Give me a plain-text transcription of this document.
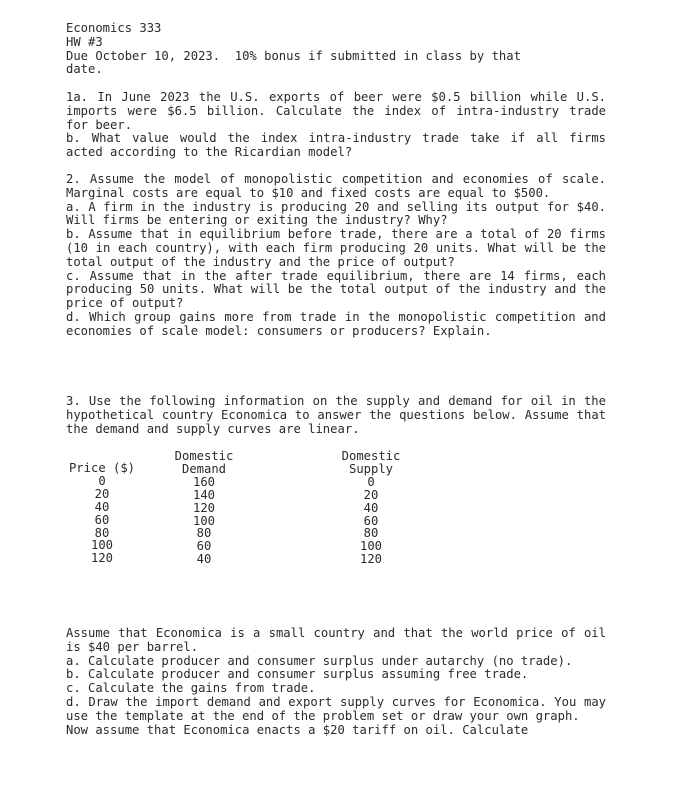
Economics 333
HW #3
Due October 10, 2023.  10% bonus if submitted in class by that
date.
1a. In June 2023 the U.S. exports of beer were $0.5 billion while U.S. imports were $6.5 billion. Calculate the index of intra-industry trade for beer.
b. What value would the index intra-industry trade take if all firms acted according to the Ricardian model?
2. Assume the model of monopolistic competition and economies of scale. Marginal costs are equal to $10 and fixed costs are equal to $500.
a. A firm in the industry is producing 20 and selling its output for $40. Will firms be entering or exiting the industry? Why?
b. Assume that in equilibrium before trade, there are a total of 20 firms (10 in each country), with each firm producing 20 units. What will be the total output of the industry and the price of output?
c. Assume that in the after trade equilibrium, there are 14 firms, each producing 50 units. What will be the total output of the industry and the price of output?
d. Which group gains more from trade in the monopolistic competition and economies of scale model: consumers or producers? Explain.
3. Use the following information on the supply and demand for oil in the hypothetical country Economica to answer the questions below. Assume that the demand and supply curves are linear.
Price ($)
0
20
40
60
80
100
120
Domestic
Demand
160
140
120
100
80
60
40
Domestic
Supply
0
20
40
60
80
100
120
Assume that Economica is a small country and that the world price of oil is $40 per barrel.
a. Calculate producer and consumer surplus under autarchy (no trade).
b. Calculate producer and consumer surplus assuming free trade.
c. Calculate the gains from trade.
d. Draw the import demand and export supply curves for Economica. You may use the template at the end of the problem set or draw your own graph.
Now assume that Economica enacts a $20 tariff on oil. Calculate
